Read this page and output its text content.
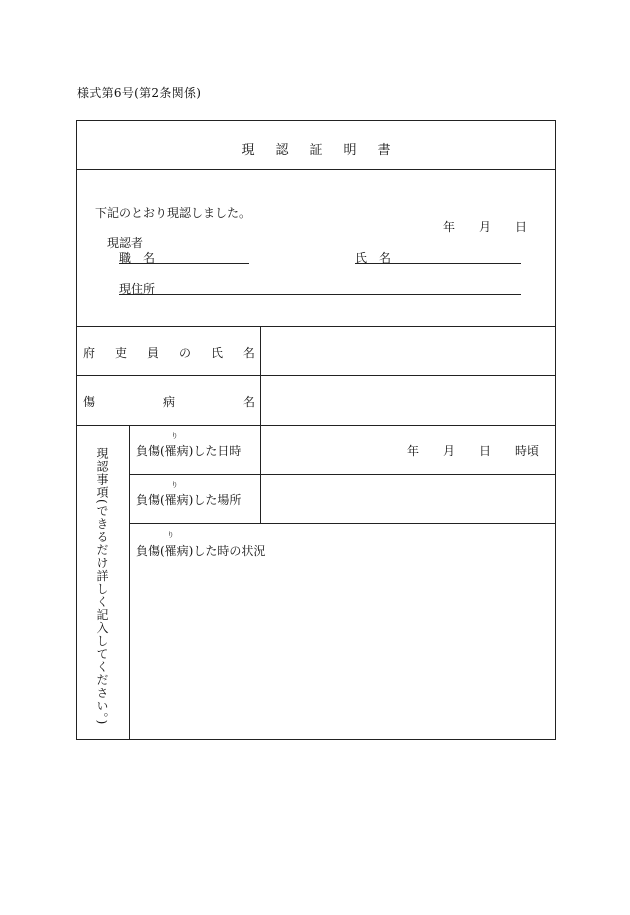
様式第6号(第2条関係)
現認証明書
下記のとおり現認しました。
年　　月　　日
現認者
職　名	氏　名
現住所
府 吏 員 の 氏 名
傷	病	名
現認事項(できるだけ詳しく記入してください。)
り
負傷(罹病)した日時	年　　月　　日　　時頃
り
負傷(罹病)した場所
り
負傷(罹病)した時の状況
